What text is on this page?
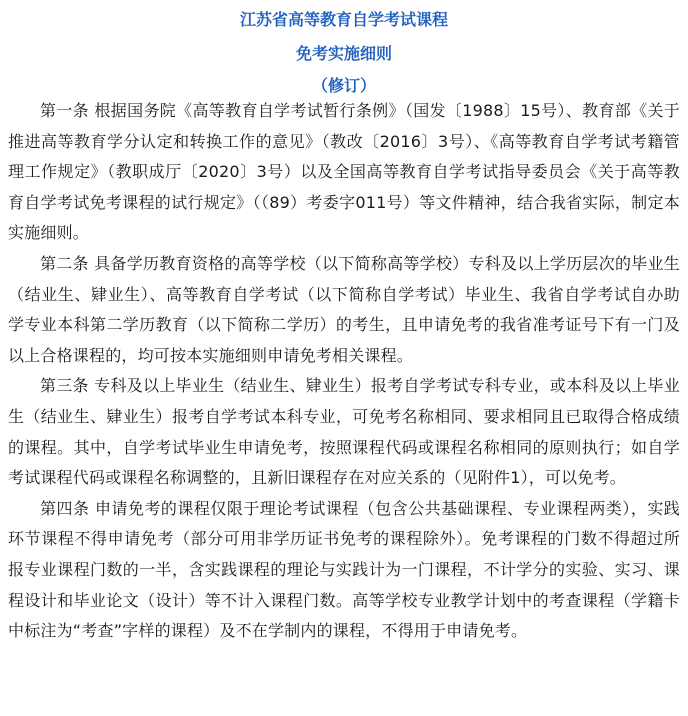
江苏省高等教育自学考试课程

免考实施细则

（修订）

第一条 根据国务院《高等教育自学考试暂行条例》（国发〔1988〕15号）、教育部《关于推进高等教育学分认定和转换工作的意见》（教改〔2016〕3号）、《高等教育自学考试考籍管理工作规定》（教职成厅〔2020〕3号）以及全国高等教育自学考试指导委员会《关于高等教育自学考试免考课程的试行规定》（（89）考委字011号）等文件精神，结合我省实际，制定本实施细则。

第二条 具备学历教育资格的高等学校（以下简称高等学校）专科及以上学历层次的毕业生（结业生、肄业生）、高等教育自学考试（以下简称自学考试）毕业生、我省自学考试自办助学专业本科第二学历教育（以下简称二学历）的考生，且申请免考的我省准考证号下有一门及以上合格课程的，均可按本实施细则申请免考相关课程。

第三条 专科及以上毕业生（结业生、肄业生）报考自学考试专科专业，或本科及以上毕业生（结业生、肄业生）报考自学考试本科专业，可免考名称相同、要求相同且已取得合格成绩的课程。其中，自学考试毕业生申请免考，按照课程代码或课程名称相同的原则执行；如自学考试课程代码或课程名称调整的，且新旧课程存在对应关系的（见附件1），可以免考。

第四条 申请免考的课程仅限于理论考试课程（包含公共基础课程、专业课程两类），实践环节课程不得申请免考（部分可用非学历证书免考的课程除外）。免考课程的门数不得超过所报专业课程门数的一半，含实践课程的理论与实践计为一门课程，不计学分的实验、实习、课程设计和毕业论文（设计）等不计入课程门数。高等学校专业教学计划中的考查课程（学籍卡中标注为“考查”字样的课程）及不在学制内的课程，不得用于申请免考。
